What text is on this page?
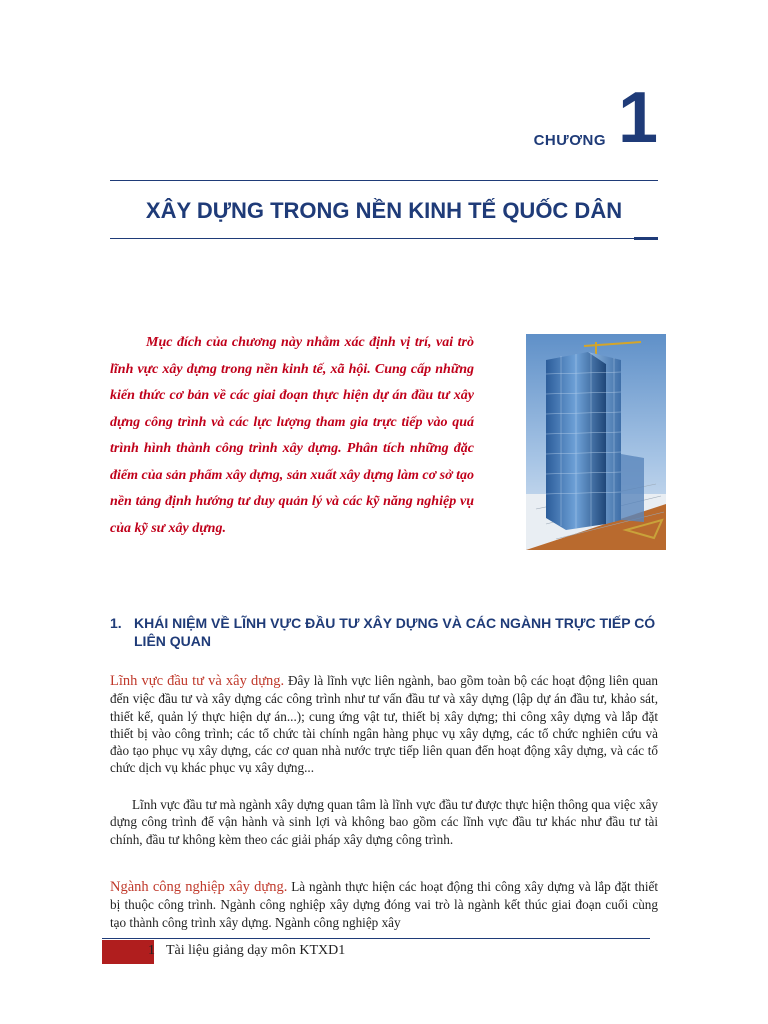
CHƯƠNG 1
XÂY DỰNG TRONG NỀN KINH TẾ QUỐC DÂN
Mục đích của chương này nhằm xác định vị trí, vai trò lĩnh vực xây dựng trong nền kinh tế, xã hội. Cung cấp những kiến thức cơ bản về các giai đoạn thực hiện dự án đầu tư xây dựng công trình và các lực lượng tham gia trực tiếp vào quá trình hình thành công trình xây dựng. Phân tích những đặc điểm của sản phẩm xây dựng, sản xuất xây dựng làm cơ sở tạo nền tảng định hướng tư duy quản lý và các kỹ năng nghiệp vụ của kỹ sư xây dựng.
1. KHÁI NIỆM VỀ LĨNH VỰC ĐẦU TƯ XÂY DỰNG VÀ CÁC NGÀNH TRỰC TIẾP CÓ LIÊN QUAN
Lĩnh vực đầu tư và xây dựng. Đây là lĩnh vực liên ngành, bao gồm toàn bộ các hoạt động liên quan đến việc đầu tư và xây dựng các công trình như tư vấn đầu tư và xây dựng (lập dự án đầu tư, khảo sát, thiết kế, quản lý thực hiện dự án...); cung ứng vật tư, thiết bị xây dựng; thi công xây dựng và lắp đặt thiết bị vào công trình; các tổ chức tài chính ngân hàng phục vụ xây dựng, các tổ chức nghiên cứu và đào tạo phục vụ xây dựng, các cơ quan nhà nước trực tiếp liên quan đến hoạt động xây dựng, và các tổ chức dịch vụ khác phục vụ xây dựng...
Lĩnh vực đầu tư mà ngành xây dựng quan tâm là lĩnh vực đầu tư được thực hiện thông qua việc xây dựng công trình để vận hành và sinh lợi và không bao gồm các lĩnh vực đầu tư khác như đầu tư tài chính, đầu tư không kèm theo các giải pháp xây dựng công trình.
Ngành công nghiệp xây dựng. Là ngành thực hiện các hoạt động thi công xây dựng và lắp đặt thiết bị thuộc công trình. Ngành công nghiệp xây dựng đóng vai trò là ngành kết thúc giai đoạn cuối cùng tạo thành công trình xây dựng. Ngành công nghiệp xây
1 Tài liệu giảng dạy môn KTXD1
